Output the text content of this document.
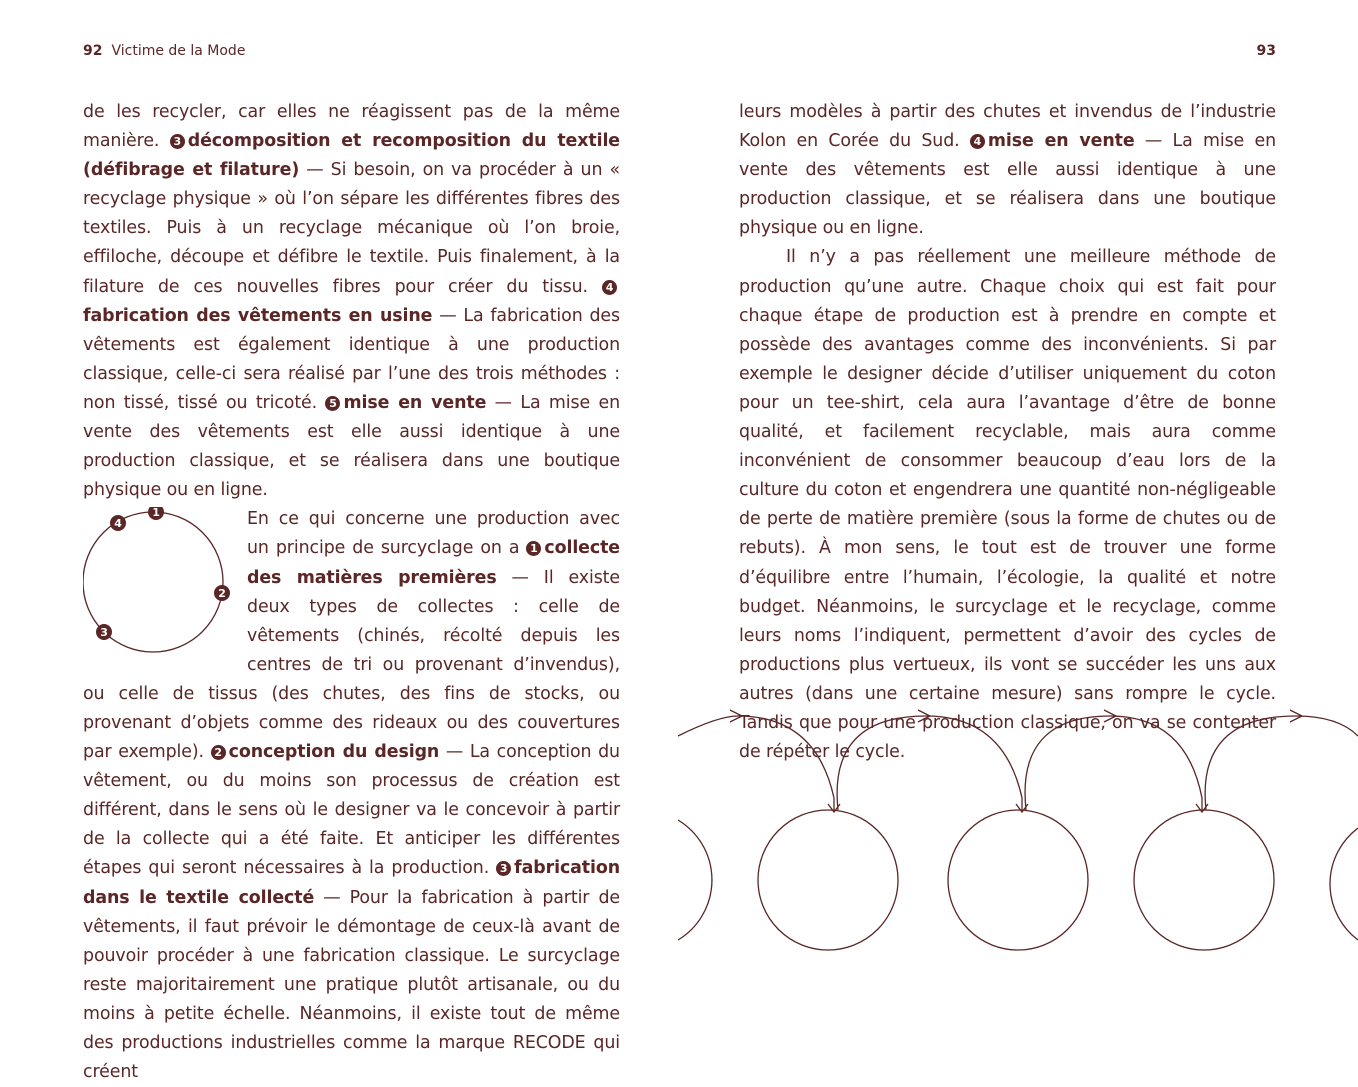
92 Victime de la Mode	93

de les recycler, car elles ne réagissent pas de la même manière. 3 décomposition et recomposition du textile (défibrage et filature) — Si besoin, on va procéder à un « recyclage physique » où l’on sépare les différentes fibres des textiles. Puis à un recyclage mécanique où l’on broie, effiloche, découpe et défibre le textile. Puis finalement, à la filature de ces nouvelles fibres pour créer du tissu. 4fabrication des vêtements en usine — La fabrication des vêtements est également identique à une production classique, celle-ci sera réalisé par l’une des trois méthodes : non tissé, tissé ou tricoté. 5 mise en vente — La mise en vente des vêtements est elle aussi identique à une production classique, et se réalisera dans une boutique physique ou en ligne.

1
2
3
4	En ce qui concerne une production avec un principe de surcyclage on a 1 collecte des matières premières — Il existe deux types de collectes : celle de vêtements (chinés, récolté depuis les centres de tri ou provenant d’invendus), ou celle de tissus (des chutes, des fins de stocks, ou provenant d’objets comme des rideaux ou des couvertures par exemple). 2 conception du design — La conception du vêtement, ou du moins son processus de création est différent, dans le sens où le designer va le concevoir à partir de la collecte qui a été faite. Et anticiper les différentes étapes qui seront nécessaires à la production. 3 fabrication dans le textile collecté — Pour la fabrication à partir de vêtements, il faut prévoir le démontage de ceux-là avant de pouvoir procéder à une fabrication classique. Le surcyclage reste majoritairement une pratique plutôt artisanale, ou du moins à petite échelle. Néanmoins, il existe tout de même des productions industrielles comme la marque RECODE qui créent

leurs modèles à partir des chutes et invendus de l’industrie Kolon en Corée du Sud. 4 mise en vente — La mise en vente des vêtements est elle aussi identique à une production classique, et se réalisera dans une boutique physique ou en ligne.

Il n’y a pas réellement une meilleure méthode de production qu’une autre. Chaque choix qui est fait pour chaque étape de production est à prendre en compte et possède des avantages comme des inconvénients. Si par exemple le designer décide d’utiliser uniquement du coton pour un tee-shirt, cela aura l’avantage d’être de bonne qualité, et facilement recyclable, mais aura comme inconvénient de consommer beaucoup d’eau lors de la culture du coton et engendrera une quantité non-négligeable de perte de matière première (sous la forme de chutes ou de rebuts). À mon sens, le tout est de trouver une forme d’équilibre entre l’humain, l’écologie, la qualité et notre budget. Néanmoins, le surcyclage et le recyclage, comme leurs noms l’indiquent, permettent d’avoir des cycles de productions plus vertueux, ils vont se succéder les uns aux autres (dans une certaine mesure) sans rompre le cycle. Tandis que pour une production classique, on va se contenter de répéter le cycle.
